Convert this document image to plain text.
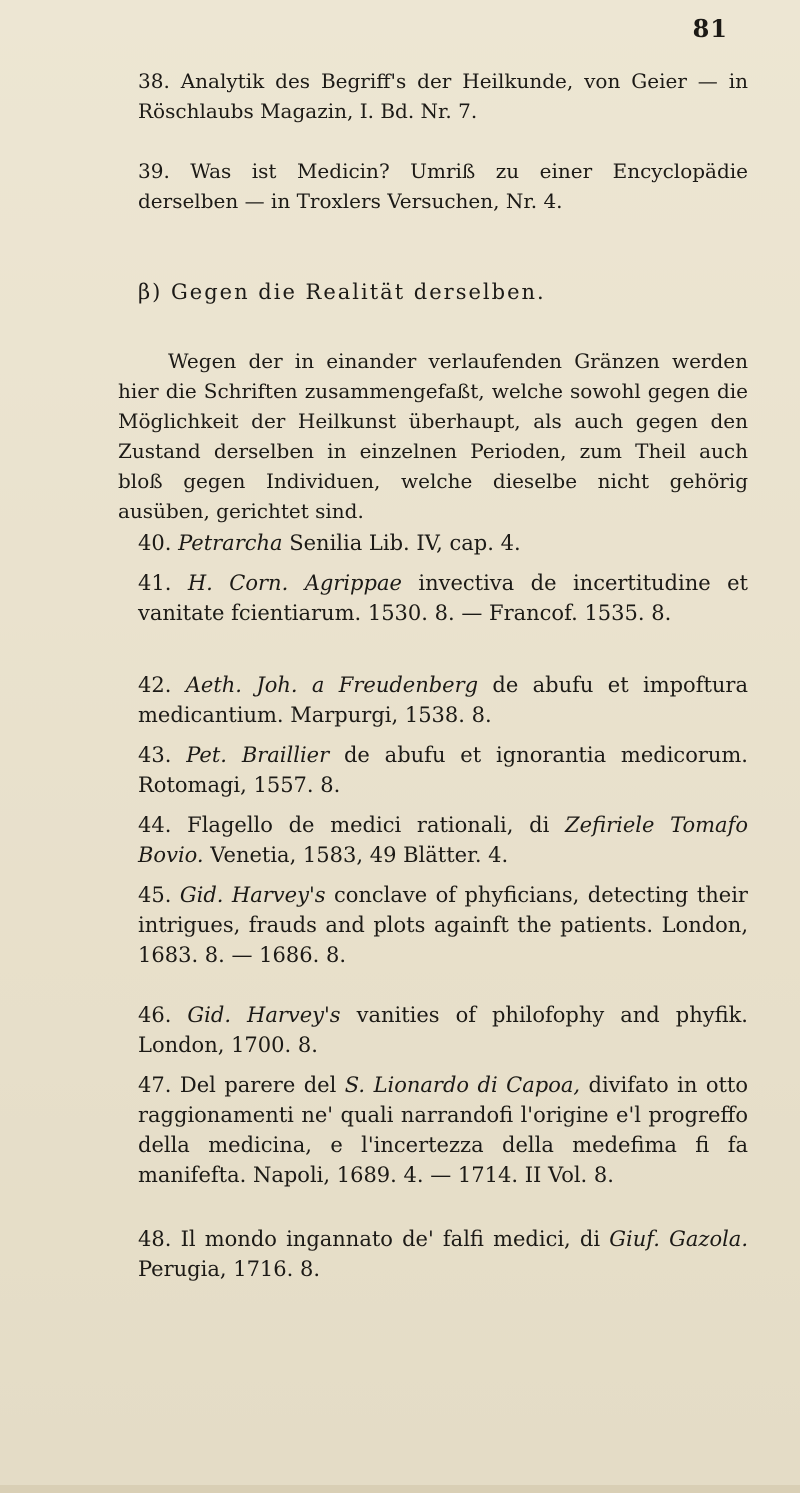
81

38. Analytik des Begriff's der Heilkunde, von Geier — in Röschlaubs Magazin, I. Bd. Nr. 7.

39. Was ist Medicin? Umriß zu einer Encyclopädie derselben — in Troxlers Versuchen, Nr. 4.

β) Gegen die Realität derselben.

Wegen der in einander verlaufenden Gränzen werden hier die Schriften zusammengefaßt, welche sowohl gegen die Möglichkeit der Heilkunst überhaupt, als auch gegen den Zustand derselben in einzelnen Perioden, zum Theil auch bloß gegen Individuen, welche dieselbe nicht gehörig ausüben, gerichtet sind.

40. Petrarcha Senilia Lib. IV, cap. 4.

41. H. Corn. Agrippae invectiva de incertitudine et vanitate fcientiarum. 1530. 8. — Francof. 1535. 8.

42. Aeth. Joh. a Freudenberg de abufu et impoftura medicantium. Marpurgi, 1538. 8.

43. Pet. Braillier de abufu et ignorantia medicorum. Rotomagi, 1557. 8.

44. Flagello de medici rationali, di Zefiriele Tomafo Bovio. Venetia, 1583, 49 Blätter. 4.

45. Gid. Harvey's conclave of phyficians, detecting their intrigues, frauds and plots againft the patients. London, 1683. 8. — 1686. 8.

46. Gid. Harvey's vanities of philofophy and phyfik. London, 1700. 8.

47. Del parere del S. Lionardo di Capoa, divifato in otto raggionamenti ne' quali narrandofi l'origine e'l progreffo della medicina, e l'incertezza della medefima fi fa manifefta. Napoli, 1689. 4. — 1714. II Vol. 8.

48. Il mondo ingannato de' falfi medici, di Giuf. Gazola. Perugia, 1716. 8.
